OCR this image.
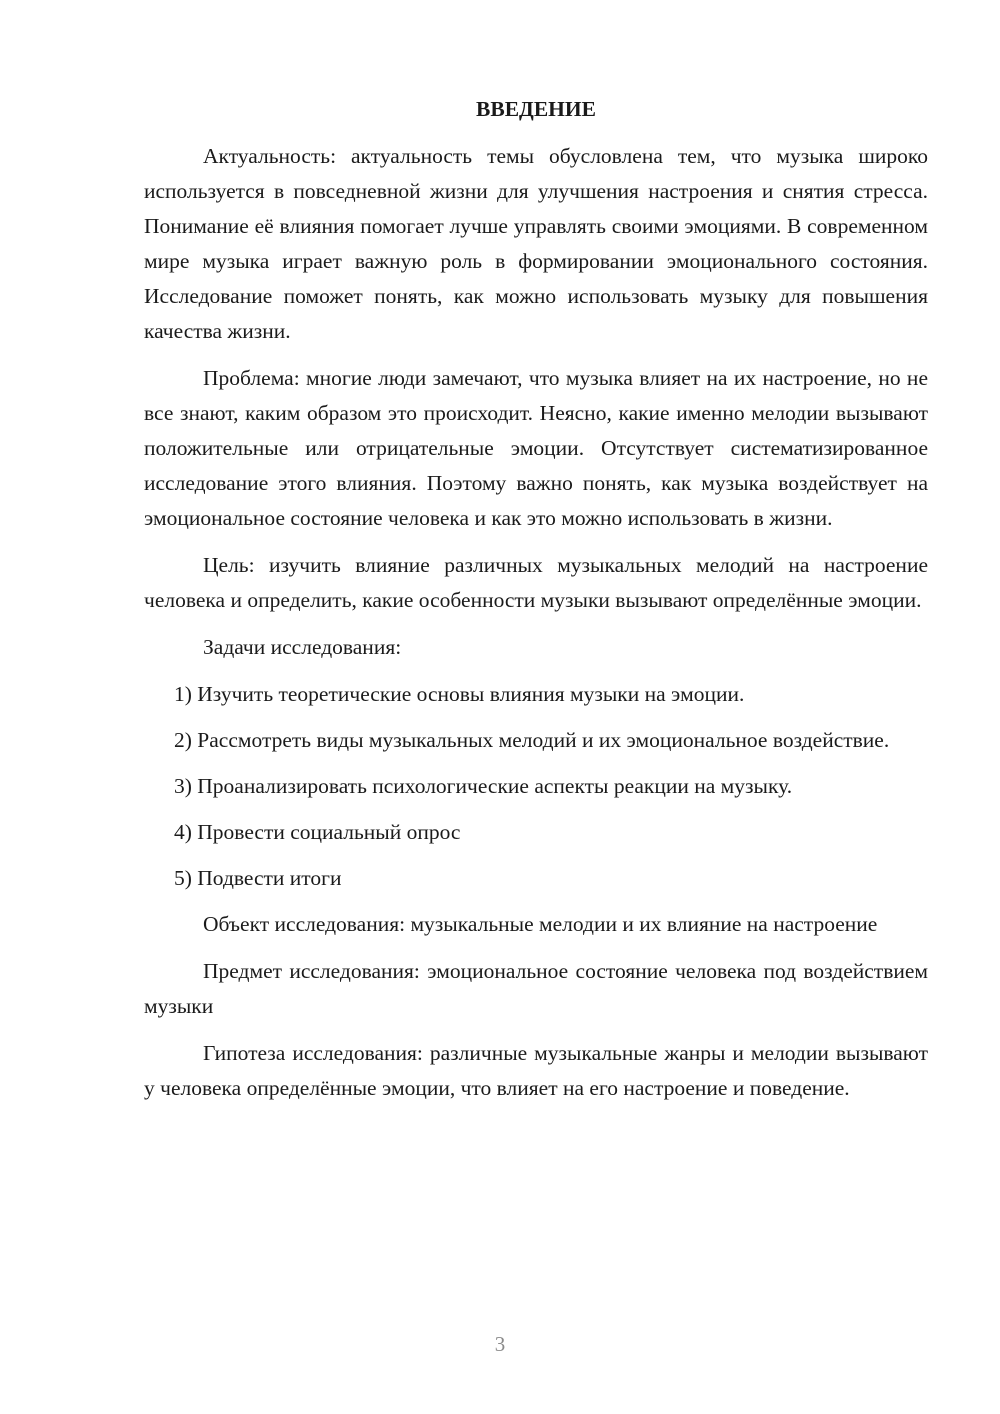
ВВЕДЕНИЕ

Актуальность: актуальность темы обусловлена тем, что музыка широко используется в повседневной жизни для улучшения настроения и снятия стресса. Понимание её влияния помогает лучше управлять своими эмоциями. В современном мире музыка играет важную роль в формировании эмоционального состояния. Исследование поможет понять, как можно использовать музыку для повышения качества жизни.

Проблема: многие люди замечают, что музыка влияет на их настроение, но не все знают, каким образом это происходит. Неясно, какие именно мелодии вызывают положительные или отрицательные эмоции. Отсутствует систематизированное исследование этого влияния. Поэтому важно понять, как музыка воздействует на эмоциональное состояние человека и как это можно использовать в жизни.

Цель: изучить влияние различных музыкальных мелодий на настроение человека и определить, какие особенности музыки вызывают определённые эмоции.

Задачи исследования:

1) Изучить теоретические основы влияния музыки на эмоции.

2) Рассмотреть виды музыкальных мелодий и их эмоциональное воздействие.

3) Проанализировать психологические аспекты реакции на музыку.

4) Провести социальный опрос

5) Подвести итоги

Объект исследования: музыкальные мелодии и их влияние на настроение

Предмет исследования: эмоциональное состояние человека под воздействием музыки

Гипотеза исследования: различные музыкальные жанры и мелодии вызывают у человека определённые эмоции, что влияет на его настроение и поведение.

3
